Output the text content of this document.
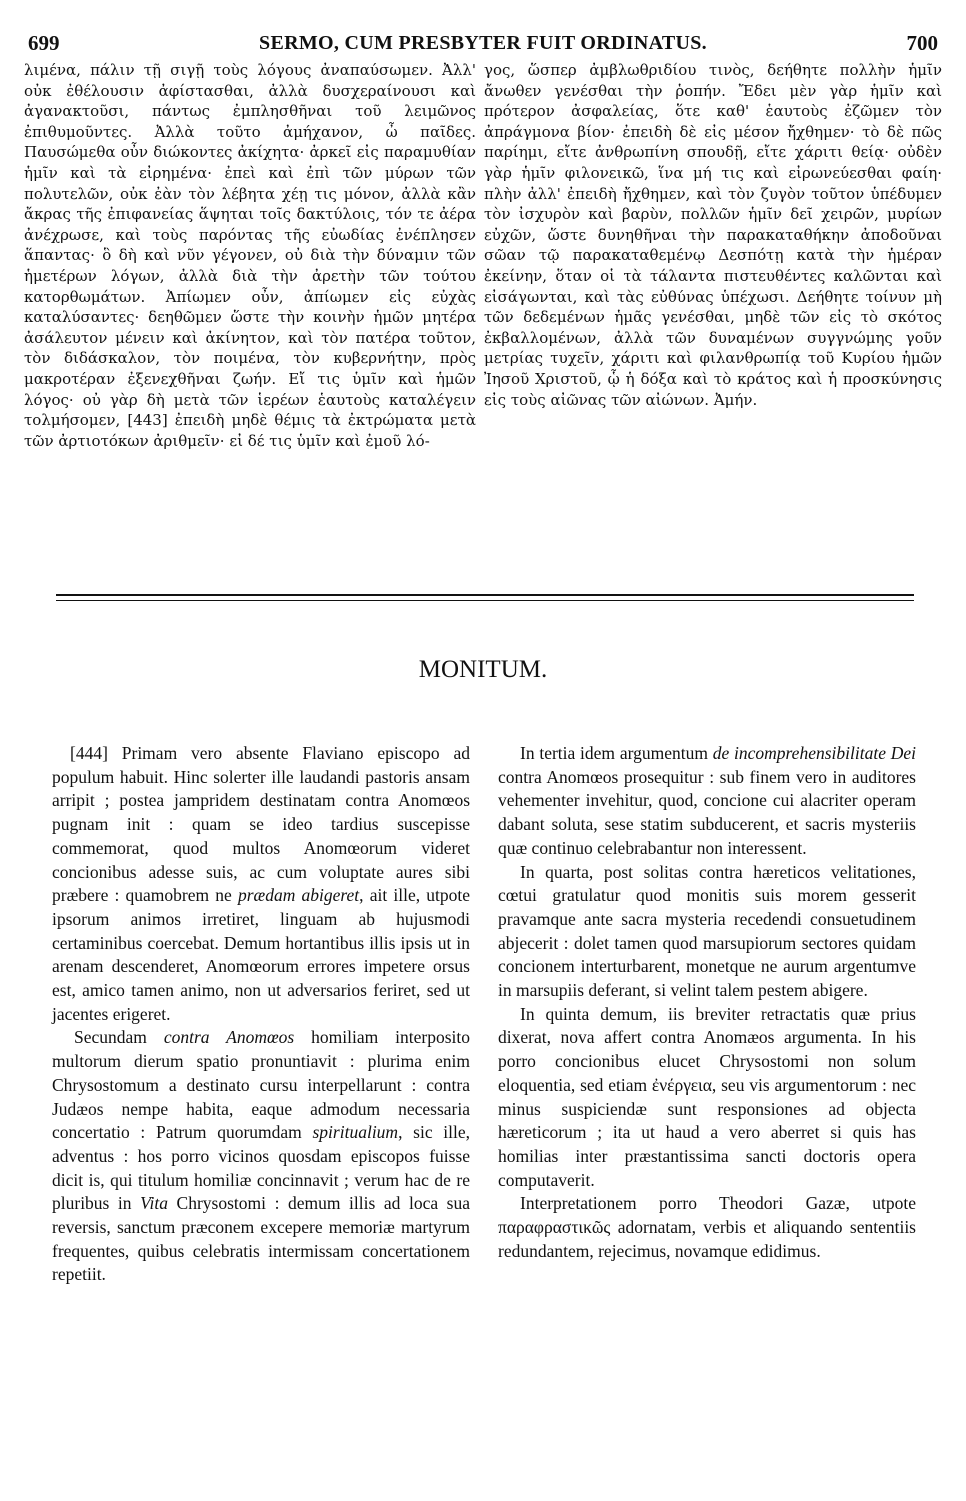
699	SERMO, CUM PRESBYTER FUIT ORDINATUS.	700

λιμένα, πάλιν τῇ σιγῇ τοὺς λόγους ἀναπαύσωμεν. Ἀλλ' οὐκ ἐθέλουσιν ἀφίστασθαι, ἀλλὰ δυσχεραίνουσι καὶ ἀγανακτοῦσι, πάντως ἐμπλησθῆναι τοῦ λειμῶνος ἐπιθυμοῦντες. Ἀλλὰ τοῦτο ἀμήχανον, ὦ παῖδες. Παυσώμεθα οὖν διώκοντες ἀκίχητα· ἀρκεῖ εἰς παραμυθίαν ἡμῖν καὶ τὰ εἰρημένα· ἐπεὶ καὶ ἐπὶ τῶν μύρων τῶν πολυτελῶν, οὐκ ἐὰν τὸν λέβητα χέῃ τις μόνον, ἀλλὰ κἂν ἄκρας τῆς ἐπιφανείας ἅψηται τοῖς δακτύλοις, τόν τε ἀέρα ἀνέχρωσε, καὶ τοὺς παρόντας τῆς εὐωδίας ἐνέπλησεν ἅπαντας· ὃ δὴ καὶ νῦν γέγονεν, οὐ διὰ τὴν δύναμιν τῶν ἡμετέρων λόγων, ἀλλὰ διὰ τὴν ἀρετὴν τῶν τούτου κατορθωμάτων. Ἀπίωμεν οὖν, ἀπίωμεν εἰς εὐχὰς καταλύσαντες· δεηθῶμεν ὥστε τὴν κοινὴν ἡμῶν μητέρα ἀσάλευτον μένειν καὶ ἀκίνητον, καὶ τὸν πατέρα τοῦτον, τὸν διδάσκαλον, τὸν ποιμένα, τὸν κυβερνήτην, πρὸς μακροτέραν ἐξενεχθῆναι ζωήν. Εἴ τις ὑμῖν καὶ ἡμῶν λόγος· οὐ γὰρ δὴ μετὰ τῶν ἱερέων ἑαυτοὺς καταλέγειν τολμήσομεν, [443] ἐπειδὴ μηδὲ θέμις τὰ ἐκτρώματα μετὰ τῶν ἀρτιοτόκων ἀριθμεῖν· εἰ δέ τις ὑμῖν καὶ ἐμοῦ λό-

γος, ὥσπερ ἀμβλωθριδίου τινὸς, δεήθητε πολλὴν ἡμῖν ἄνωθεν γενέσθαι τὴν ῥοπήν. Ἔδει μὲν γὰρ ἡμῖν καὶ πρότερον ἀσφαλείας, ὅτε καθ' ἑαυτοὺς ἐζῶμεν τὸν ἀπράγμονα βίον· ἐπειδὴ δὲ εἰς μέσον ἤχθημεν· τὸ δὲ πῶς παρίημι, εἴτε ἀνθρωπίνη σπουδῇ, εἴτε χάριτι θείᾳ· οὐδὲν γὰρ ἡμῖν φιλονεικῶ, ἵνα μή τις καὶ εἰρωνεύεσθαι φαίη· πλὴν ἀλλ' ἐπειδὴ ἤχθημεν, καὶ τὸν ζυγὸν τοῦτον ὑπέδυμεν τὸν ἰσχυρὸν καὶ βαρὺν, πολλῶν ἡμῖν δεῖ χειρῶν, μυρίων εὐχῶν, ὥστε δυνηθῆναι τὴν παρακαταθήκην ἀποδοῦναι σῶαν τῷ παρακαταθεμένῳ Δεσπότῃ κατὰ τὴν ἡμέραν ἐκείνην, ὅταν οἱ τὰ τάλαντα πιστευθέντες καλῶνται καὶ εἰσάγωνται, καὶ τὰς εὐθύνας ὑπέχωσι. Δεήθητε τοίνυν μὴ τῶν δεδεμένων ἡμᾶς γενέσθαι, μηδὲ τῶν εἰς τὸ σκότος ἐκβαλλομένων, ἀλλὰ τῶν δυναμένων συγγνώμης γοῦν μετρίας τυχεῖν, χάριτι καὶ φιλανθρωπίᾳ τοῦ Κυρίου ἡμῶν Ἰησοῦ Χριστοῦ, ᾧ ἡ δόξα καὶ τὸ κράτος καὶ ἡ προσκύνησις εἰς τοὺς αἰῶνας τῶν αἰώνων. Ἀμήν.

MONITUM.

[444] Primam vero absente Flaviano episcopo ad populum habuit. Hinc solerter ille laudandi pastoris ansam arripit ; postea jampridem destinatam contra Anomœos pugnam init : quam se ideo tardius suscepisse commemorat, quod multos Anomœorum videret concionibus adesse suis, ac cum voluptate aures sibi præbere : quamobrem ne prædam abigeret, ait ille, utpote ipsorum animos irretiret, linguam ab hujusmodi certaminibus coercebat. Demum hortantibus illis ipsis ut in arenam descenderet, Anomœorum errores impetere orsus est, amico tamen animo, non ut adversarios feriret, sed ut jacentes erigeret.

Secundam contra Anomœos homiliam interposito multorum dierum spatio pronuntiavit : plurima enim Chrysostomum a destinato cursu interpellarunt : contra Judæos nempe habita, eaque admodum necessaria concertatio : Patrum quorumdam spiritualium, sic ille, adventus : hos porro vicinos quosdam episcopos fuisse dicit is, qui titulum homiliæ concinnavit ; verum hac de re pluribus in Vita Chrysostomi : demum illis ad loca sua reversis, sanctum præconem excepere memoriæ martyrum frequentes, quibus celebratis intermissam concertationem repetiit.

In tertia idem argumentum de incomprehensibilitate Dei contra Anomœos prosequitur : sub finem vero in auditores vehementer invehitur, quod, concione cui alacriter operam dabant soluta, sese statim subducerent, et sacris mysteriis quæ continuo celebrabantur non interessent.

In quarta, post solitas contra hæreticos velitationes, cœtui gratulatur quod monitis suis morem gesserit pravamque ante sacra mysteria recedendi consuetudinem abjecerit : dolet tamen quod marsupiorum sectores quidam concionem interturbarent, monetque ne aurum argentumve in marsupiis deferant, si velint talem pestem abigere.

In quinta demum, iis breviter retractatis quæ prius dixerat, nova affert contra Anomæos argumenta. In his porro concionibus elucet Chrysostomi non solum eloquentia, sed etiam ἐνέργεια, seu vis argumentorum : nec minus suspiciendæ sunt responsiones ad objecta hæreticorum ; ita ut haud a vero aberret si quis has homilias inter præstantissima sancti doctoris opera computaverit.

Interpretationem porro Theodori Gazæ, utpote παραφραστικῶς adornatam, verbis et aliquando sententiis redundantem, rejecimus, novamque edidimus.
